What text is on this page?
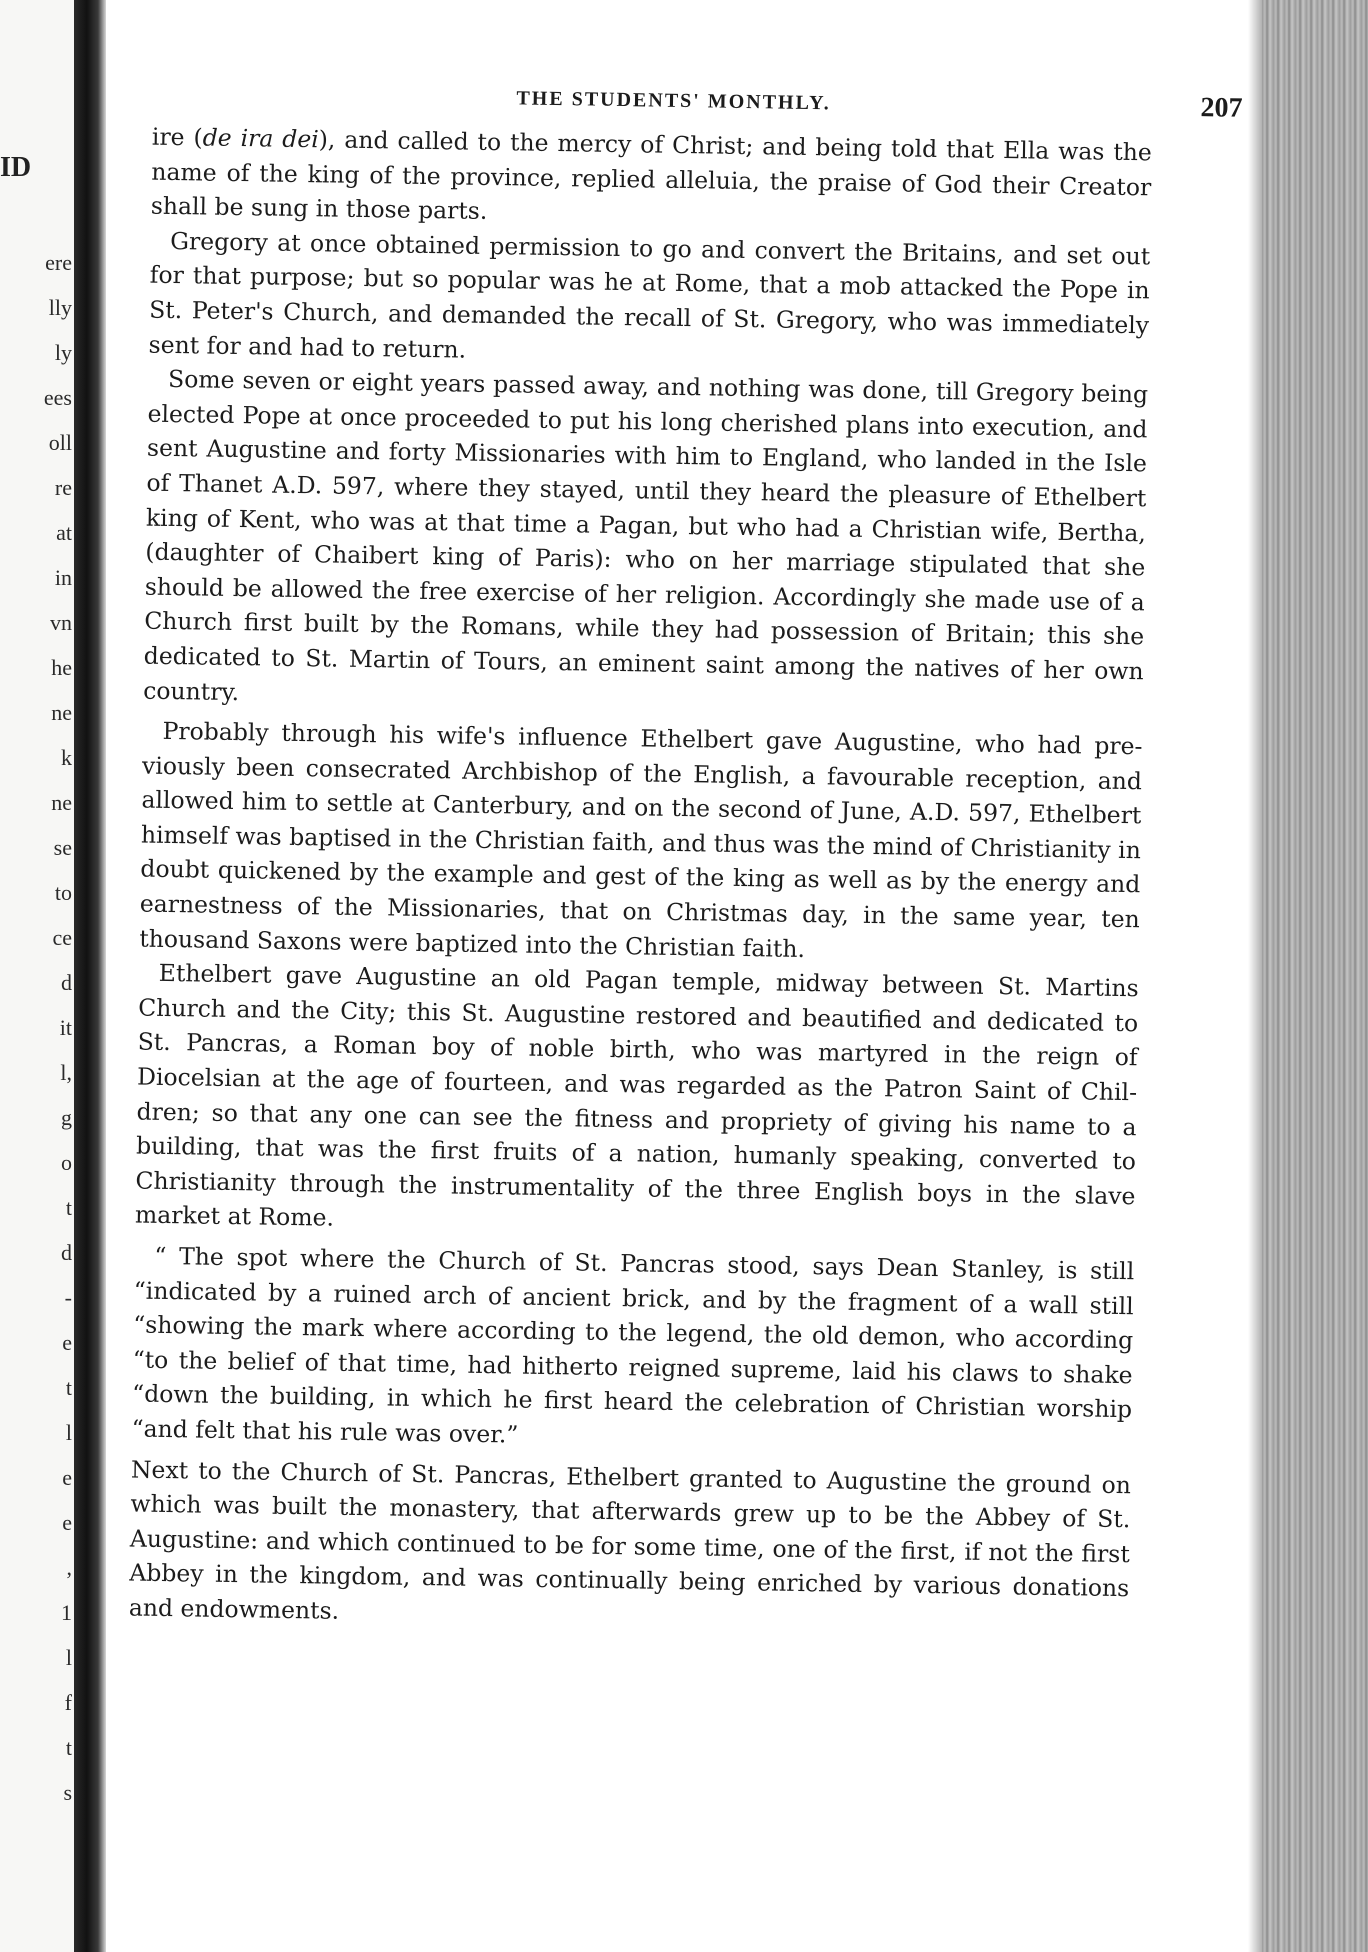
ID
ere
lly
ly
ees
oll
re
at
in
vn
he
ne
k
ne
se
to
ce
d
it
l,
g
o
t
d
-
e
t
l
e
e
,
1
l
f
t
s
THE STUDENTS' MONTHLY.	207

ire (de ira dei), and called to the mercy of Christ; and being told that Ella was the name of the king of the province, replied alleluia, the praise of God their Creator shall be sung in those parts.

Gregory at once obtained permission to go and convert the Britains, and set out for that purpose; but so popular was he at Rome, that a mob attacked the Pope in St. Peter's Church, and demanded the recall of St. Gregory, who was immediately sent for and had to return.

Some seven or eight years passed away, and nothing was done, till Gregory being elected Pope at once proceeded to put his long cherished plans into execution, and sent Augustine and forty Missionaries with him to England, who landed in the Isle of Thanet A.D. 597, where they stayed, until they heard the pleasure of Ethelbert king of Kent, who was at that time a Pagan, but who had a Christian wife, Bertha, (daughter of Chaibert king of Paris): who on her marriage stipulated that she should be allowed the free exercise of her religion. Accordingly she made use of a Church first built by the Romans, while they had possession of Britain; this she dedicated to St. Martin of Tours, an eminent saint among the natives of her own country.

Probably through his wife's influence Ethelbert gave Augustine, who had previously been consecrated Archbishop of the English, a favourable reception, and allowed him to settle at Canterbury, and on the second of June, A.D. 597, Ethelbert himself was baptised in the Christian faith, and thus was the mind of Christianity in doubt quickened by the example and gest of the king as well as by the energy and earnestness of the Missionaries, that on Christmas day, in the same year, ten thousand Saxons were baptized into the Christian faith.

Ethelbert gave Augustine an old Pagan temple, midway between St. Martins Church and the City; this St. Augustine restored and beautified and dedicated to St. Pancras, a Roman boy of noble birth, who was martyred in the reign of Diocelsian at the age of fourteen, and was regarded as the Patron Saint of Children; so that any one can see the fitness and propriety of giving his name to a building, that was the first fruits of a nation, humanly speaking, converted to Christianity through the instrumentality of the three English boys in the slave market at Rome.

“ The spot where the Church of St. Pancras stood, says Dean Stanley, is still “indicated by a ruined arch of ancient brick, and by the fragment of a wall still “showing the mark where according to the legend, the old demon, who according “to the belief of that time, had hitherto reigned supreme, laid his claws to shake “down the building, in which he first heard the celebration of Christian worship “and felt that his rule was over.”

Next to the Church of St. Pancras, Ethelbert granted to Augustine the ground on which was built the monastery, that afterwards grew up to be the Abbey of St. Augustine: and which continued to be for some time, one of the first, if not the first Abbey in the kingdom, and was continually being enriched by various donations and endowments.
